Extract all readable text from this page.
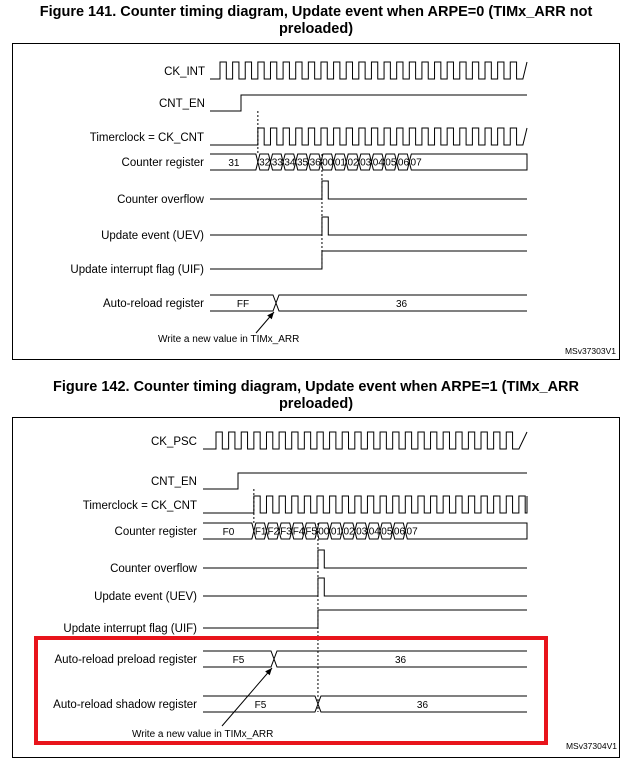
Figure 141. Counter timing diagram, Update event when ARPE=0 (TIMx_ARR not
preloaded)
CK_INT
CNT_EN
Timerclock = CK_CNT
Counter register
Counter overflow
Update event (UEV)
Update interrupt flag (UIF)
Auto-reload register
31 32 33 34 35 36 00 01 02 03 04 05 06 07
FF	36
Write a new value in TIMx_ARR
MSv37303V1
Figure 142. Counter timing diagram, Update event when ARPE=1 (TIMx_ARR
preloaded)
CK_PSC
CNT_EN
Timerclock = CK_CNT
Counter register
Counter overflow
Update event (UEV)
Update interrupt flag (UIF)
Auto-reload preload register
Auto-reload shadow register
F0 F1 F2 F3 F4 F5 00 01 02 03 04 05 06 07
F5	36
F5	36
Write a new value in TIMx_ARR
MSv37304V1
